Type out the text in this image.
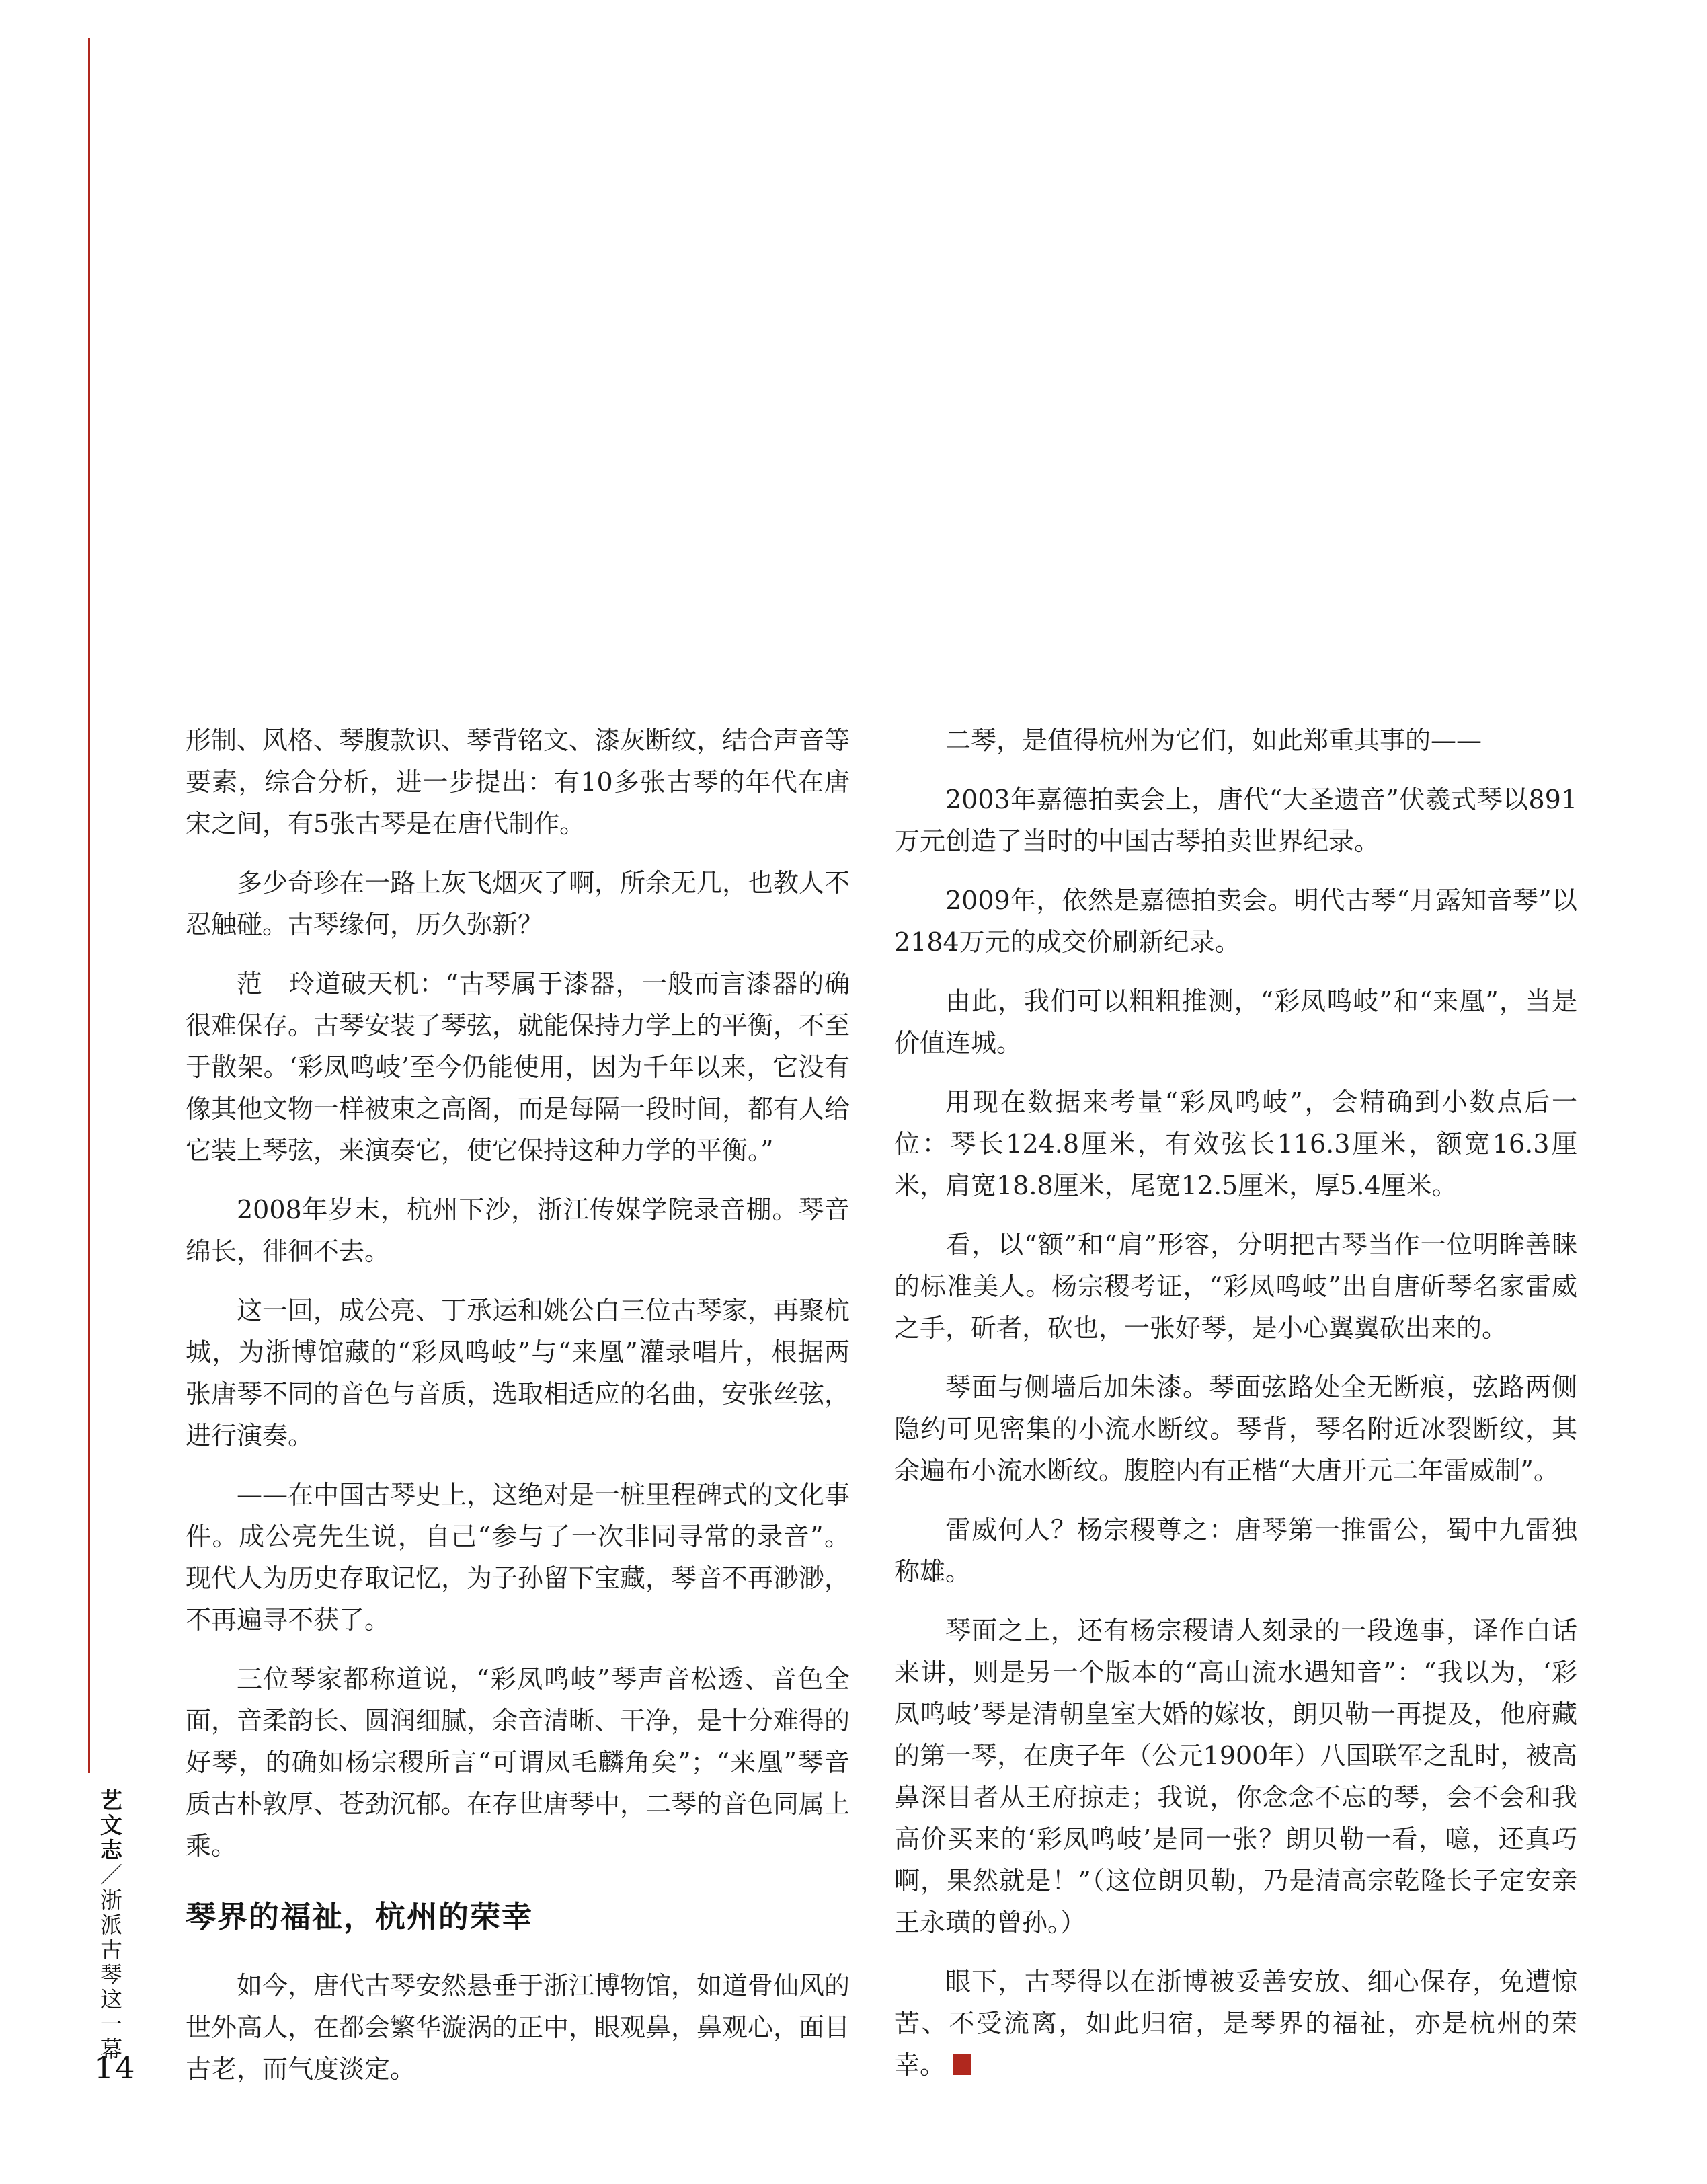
艺文志／浙派古琴这一幕
14

形制、风格、琴腹款识、琴背铭文、漆灰断纹，结合声音等要素，综合分析，进一步提出：有10多张古琴的年代在唐宋之间，有5张古琴是在唐代制作。

多少奇珍在一路上灰飞烟灭了啊，所余无几，也教人不忍触碰。古琴缘何，历久弥新？

范　玲道破天机：“古琴属于漆器，一般而言漆器的确很难保存。古琴安装了琴弦，就能保持力学上的平衡，不至于散架。‘彩凤鸣岐’至今仍能使用，因为千年以来，它没有像其他文物一样被束之高阁，而是每隔一段时间，都有人给它装上琴弦，来演奏它，使它保持这种力学的平衡。”

2008年岁末，杭州下沙，浙江传媒学院录音棚。琴音绵长，徘徊不去。

这一回，成公亮、丁承运和姚公白三位古琴家，再聚杭城，为浙博馆藏的“彩凤鸣岐”与“来凰”灌录唱片，根据两张唐琴不同的音色与音质，选取相适应的名曲，安张丝弦，进行演奏。

——在中国古琴史上，这绝对是一桩里程碑式的文化事件。成公亮先生说，自己“参与了一次非同寻常的录音”。现代人为历史存取记忆，为子孙留下宝藏，琴音不再渺渺，不再遍寻不获了。

三位琴家都称道说，“彩凤鸣岐”琴声音松透、音色全面，音柔韵长、圆润细腻，余音清晰、干净，是十分难得的好琴，的确如杨宗稷所言“可谓凤毛麟角矣”；“来凰”琴音质古朴敦厚、苍劲沉郁。在存世唐琴中，二琴的音色同属上乘。

琴界的福祉，杭州的荣幸

如今，唐代古琴安然悬垂于浙江博物馆，如道骨仙风的世外高人，在都会繁华漩涡的正中，眼观鼻，鼻观心，面目古老，而气度淡定。

二琴，是值得杭州为它们，如此郑重其事的——

2003年嘉德拍卖会上，唐代“大圣遗音”伏羲式琴以891万元创造了当时的中国古琴拍卖世界纪录。

2009年，依然是嘉德拍卖会。明代古琴“月露知音琴”以2184万元的成交价刷新纪录。

由此，我们可以粗粗推测，“彩凤鸣岐”和“来凰”，当是价值连城。

用现在数据来考量“彩凤鸣岐”，会精确到小数点后一位：琴长124.8厘米，有效弦长116.3厘米，额宽16.3厘米，肩宽18.8厘米，尾宽12.5厘米，厚5.4厘米。

看，以“额”和“肩”形容，分明把古琴当作一位明眸善睐的标准美人。杨宗稷考证，“彩凤鸣岐”出自唐斫琴名家雷威之手，斫者，砍也，一张好琴，是小心翼翼砍出来的。

琴面与侧墙后加朱漆。琴面弦路处全无断痕，弦路两侧隐约可见密集的小流水断纹。琴背，琴名附近冰裂断纹，其余遍布小流水断纹。腹腔内有正楷“大唐开元二年雷威制”。

雷威何人？杨宗稷尊之：唐琴第一推雷公，蜀中九雷独称雄。

琴面之上，还有杨宗稷请人刻录的一段逸事，译作白话来讲，则是另一个版本的“高山流水遇知音”：“我以为，‘彩凤鸣岐’琴是清朝皇室大婚的嫁妆，朗贝勒一再提及，他府藏的第一琴，在庚子年（公元1900年）八国联军之乱时，被高鼻深目者从王府掠走；我说，你念念不忘的琴，会不会和我高价买来的‘彩凤鸣岐’是同一张？朗贝勒一看，噫，还真巧啊，果然就是！”（这位朗贝勒，乃是清高宗乾隆长子定安亲王永璜的曾孙。）

眼下，古琴得以在浙博被妥善安放、细心保存，免遭惊苦、不受流离，如此归宿，是琴界的福祉，亦是杭州的荣幸。
